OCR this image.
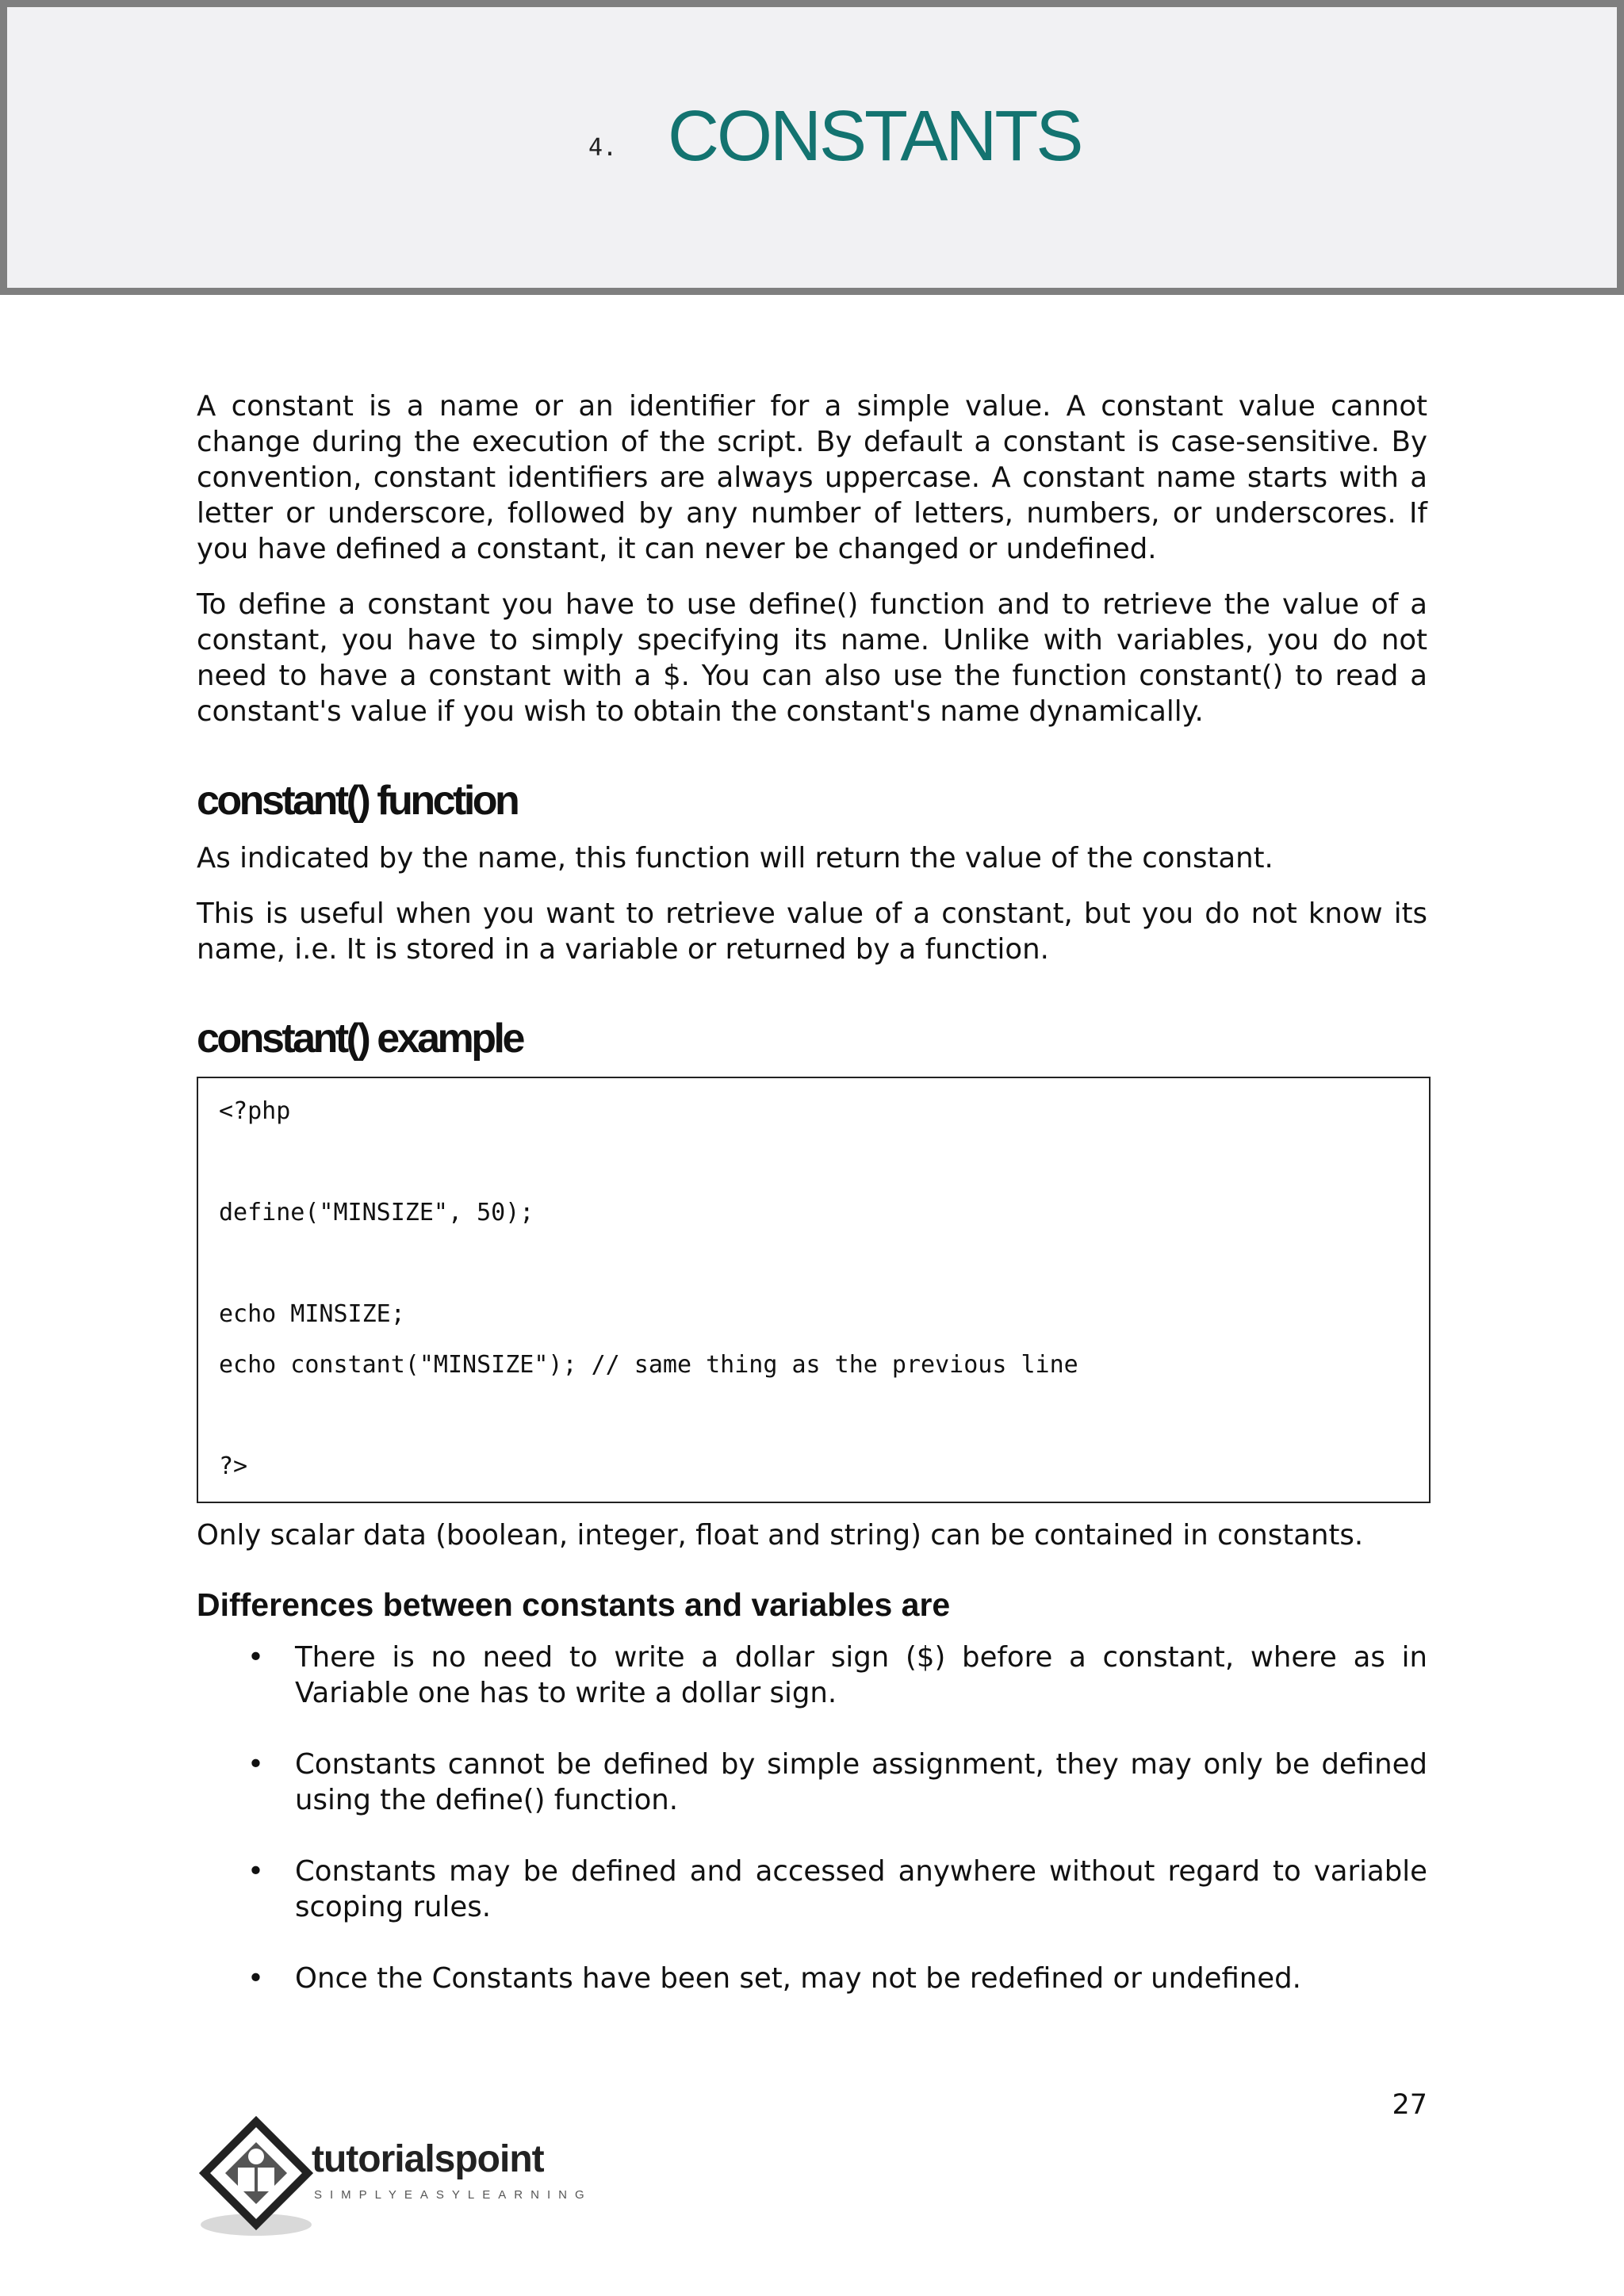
4. CONSTANTS

A constant is a name or an identifier for a simple value. A constant value cannot change during the execution of the script. By default a constant is case-sensitive. By convention, constant identifiers are always uppercase. A constant name starts with a letter or underscore, followed by any number of letters, numbers, or underscores. If you have defined a constant, it can never be changed or undefined.

To define a constant you have to use define() function and to retrieve the value of a constant, you have to simply specifying its name. Unlike with variables, you do not need to have a constant with a $. You can also use the function constant() to read a constant's value if you wish to obtain the constant's name dynamically.

constant() function

As indicated by the name, this function will return the value of the constant.

This is useful when you want to retrieve value of a constant, but you do not know its name, i.e. It is stored in a variable or returned by a function.

constant() example
<?php
define("MINSIZE", 50);
echo MINSIZE;
echo constant("MINSIZE"); // same thing as the previous line
?>

Only scalar data (boolean, integer, float and string) can be contained in constants.

Differences between constants and variables are
• There is no need to write a dollar sign ($) before a constant, where as in Variable one has to write a dollar sign.
• Constants cannot be defined by simple assignment, they may only be defined using the define() function.
• Constants may be defined and accessed anywhere without regard to variable scoping rules.
• Once the Constants have been set, may not be redefined or undefined.
27
tutorialspoint
SIMPLYEASYLEARNING
